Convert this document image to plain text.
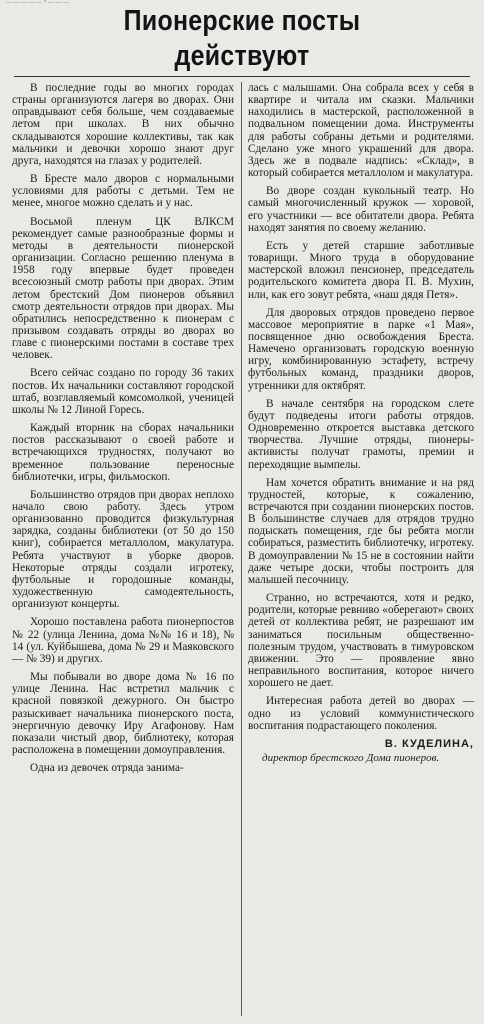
— — — — — 2 — — —
Пионерские посты
действуют

В последние годы во многих городах страны организуются лагеря во дворах. Они оправдывают себя больше, чем создаваемые летом при школах. В них обычно складываются хорошие коллективы, так как мальчики и девочки хорошо знают друг друга, находятся на глазах у родителей.

В Бресте мало дворов с нормальными условиями для работы с детьми. Тем не менее, многое можно сделать и у нас.

Восьмой пленум ЦК ВЛКСМ рекомендует самые разнообразные формы и методы в деятельности пионерской организации. Согласно решению пленума в 1958 году впервые будет проведен всесоюзный смотр работы при дворах. Этим летом брестский Дом пионеров объявил смотр деятельности отрядов при дворах. Мы обратились непосредственно к пионерам с призывом создавать отряды во дворах во главе с пионерскими постами в составе трех человек.

Всего сейчас создано по городу 36 таких постов. Их начальники составляют городской штаб, возглавляемый комсомолкой, ученицей школы № 12 Линой Горесь.

Каждый вторник на сборах начальники постов рассказывают о своей работе и встречающихся трудностях, получают во временное пользование переносные библиотечки, игры, фильмоскоп.

Большинство отрядов при дворах неплохо начало свою работу. Здесь утром организованно проводится физкультурная зарядка, созданы библиотеки (от 50 до 150 книг), собирается металлолом, макулатура. Ребята участвуют в уборке дворов. Некоторые отряды создали игротеку, футбольные и городошные команды, художественную самодеятельность, организуют концерты.

Хорошо поставлена работа пионерпостов № 22 (улица Ленина, дома №№ 16 и 18), № 14 (ул. Куйбышева, дома № 29 и Маяковского — № 39) и других.

Мы побывали во дворе дома № 16 по улице Ленина. Нас встретил мальчик с красной повязкой дежурного. Он быстро разыскивает начальника пионерского поста, энергичную девочку Иру Агафонову. Нам показали чистый двор, библиотеку, которая расположена в помещении домоуправления.

Одна из девочек отряда занима-

лась с малышами. Она собрала всех у себя в квартире и читала им сказки. Мальчики находились в мастерской, расположенной в подвальном помещении дома. Инструменты для работы собраны детьми и родителями. Сделано уже много украшений для двора. Здесь же в подвале надпись: «Склад», в который собирается металлолом и макулатура.

Во дворе создан кукольный театр. Но самый многочисленный кружок — хоровой, его участники — все обитатели двора. Ребята находят занятия по своему желанию.

Есть у детей старшие заботливые товарищи. Много труда в оборудование мастерской вложил пенсионер, председатель родительского комитета двора П. В. Мухин, или, как его зовут ребята, «наш дядя Петя».

Для дворовых отрядов проведено первое массовое мероприятие в парке «1 Мая», посвященное дню освобождения Бреста. Намечено организовать городскую военную игру, комбинированную эстафету, встречу футбольных команд, праздники дворов, утренники для октябрят.

В начале сентября на городском слете будут подведены итоги работы отрядов. Одновременно откроется выставка детского творчества. Лучшие отряды, пионеры-активисты получат грамоты, премии и переходящие вымпелы.

Нам хочется обратить внимание и на ряд трудностей, которые, к сожалению, встречаются при создании пионерских постов. В большинстве случаев для отрядов трудно подыскать помещения, где бы ребята могли собираться, разместить библиотечку, игротеку. В домоуправлении № 15 не в состоянии найти даже четыре доски, чтобы построить для малышей песочницу.

Странно, но встречаются, хотя и редко, родители, которые ревниво «оберегают» своих детей от коллектива ребят, не разрешают им заниматься посильным общественно-полезным трудом, участвовать в тимуровском движении. Это — проявление явно неправильного воспитания, которое ничего хорошего не дает.

Интересная работа детей во дворах — одно из условий коммунистического воспитания подрастающего поколения.

В. КУДЕЛИНА,
директор брестского Дома пионеров.
